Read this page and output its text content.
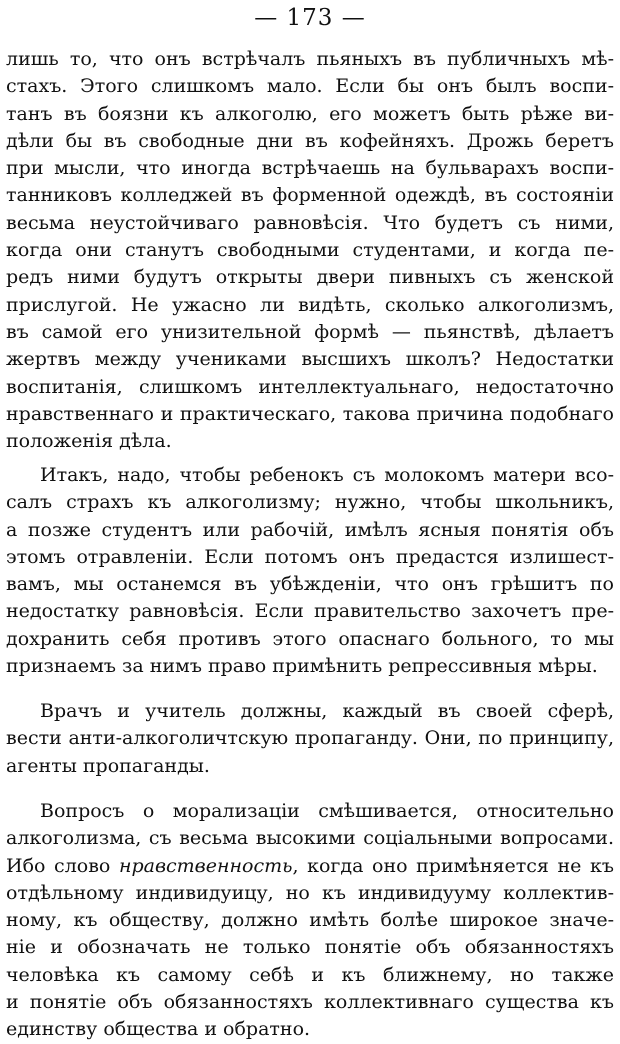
— 173 —
лишь то, что онъ встрѣчалъ пьяныхъ въ публичныхъ мѣ-
стахъ. Этого слишкомъ мало. Если бы онъ былъ воспи-
танъ въ боязни къ алкоголю, его можетъ быть рѣже ви-
дѣли бы въ свободные дни въ кофейняхъ. Дрожь беретъ
при мысли, что иногда встрѣчаешь на бульварахъ воспи-
танниковъ колледжей въ форменной одеждѣ, въ состоянiи
весьма неустойчиваго равновѣсiя. Что будетъ съ ними,
когда они станутъ свободными студентами, и когда пе-
редъ ними будутъ открыты двери пивныхъ съ женской
прислугой. Не ужасно ли видѣть, сколько алкоголизмъ,
въ самой его унизительной формѣ — пьянствѣ, дѣлаетъ
жертвъ между учениками высшихъ школъ? Недостатки
воспитанiя, слишкомъ интеллектуальнаго, недостаточно
нравственнаго и практическаго, такова причина подобнаго
положенiя дѣла.
Итакъ, надо, чтобы ребенокъ съ молокомъ матери всо-
салъ страхъ къ алкоголизму; нужно, чтобы школьникъ,
а позже студентъ или рабочiй, имѣлъ ясныя понятiя объ
этомъ отравленiи. Если потомъ онъ предастся излишест-
вамъ, мы останемся въ убѣжденiи, что онъ грѣшитъ по
недостатку равновѣсiя. Если правительство захочетъ пре-
дохранить себя противъ этого опаснаго больного, то мы
признаемъ за нимъ право примѣнить репрессивныя мѣры.
Врачъ и учитель должны, каждый въ своей сферѣ,
вести анти-алкоголичтскую пропаганду. Они, по принципу,
агенты пропаганды.
Вопросъ о морализацiи смѣшивается, относительно
алкоголизма, съ весьма высокими соцiальными вопросами.
Ибо слово нравственность, когда оно примѣняется не къ
отдѣльному индивидуицу, но къ индивидууму коллектив-
ному, къ обществу, должно имѣть болѣе широкое значе-
нiе и обозначать не только понятiе объ обязанностяхъ
человѣка къ самому себѣ и къ ближнему, но также
и понятiе объ обязанностяхъ коллективнаго существа къ
единству общества и обратно.
